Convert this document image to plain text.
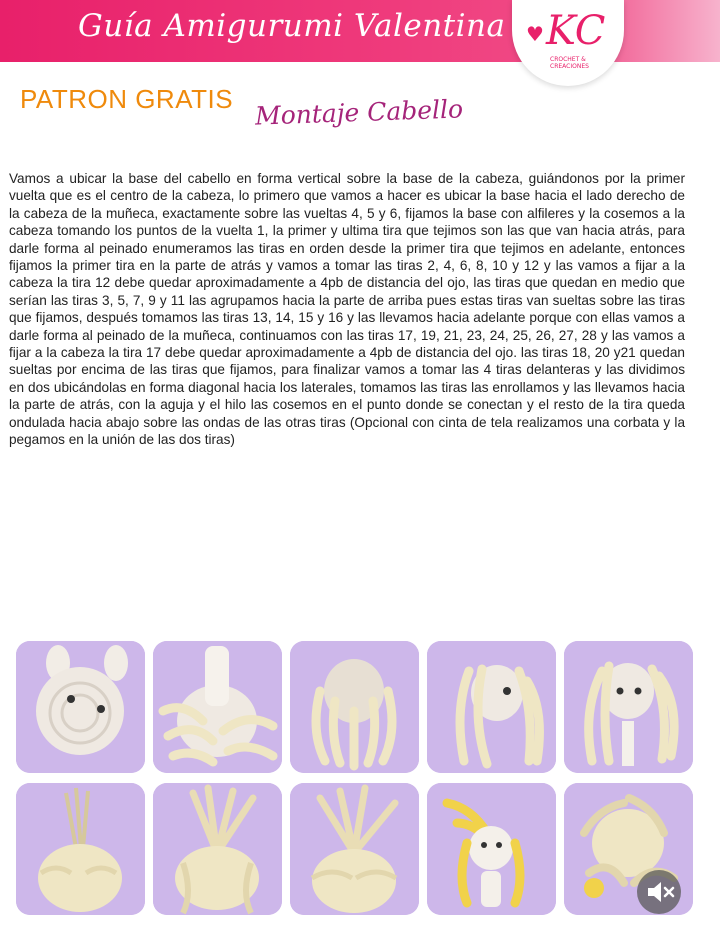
Guía Amigurumi Valentina ♥ KC
CROCHET & CREACIONES
PATRON GRATIS Montaje Cabello

Vamos a ubicar la base del cabello en forma vertical sobre la base de la cabeza, guiándonos por la primer vuelta que es el centro de la cabeza, lo primero que vamos a hacer es ubicar la base hacia el lado derecho de la cabeza de la muñeca, exactamente sobre las vueltas 4, 5 y 6, fijamos la base con alfileres y la cosemos a la cabeza tomando los puntos de la vuelta 1, la primer y ultima tira que tejimos son las que van hacia atrás, para darle forma al peinado enumeramos las tiras en orden desde la primer tira que tejimos en adelante, entonces fijamos la primer tira en la parte de atrás y vamos a tomar las tiras 2, 4, 6, 8, 10 y 12 y las vamos a fijar a la cabeza la tira 12 debe quedar aproximadamente a 4pb de distancia del ojo, las tiras que quedan en medio que serían las tiras 3, 5, 7, 9 y 11 las agrupamos hacia la parte de arriba pues estas tiras van sueltas sobre las tiras que fijamos, después tomamos las tiras 13, 14, 15 y 16 y las llevamos hacia adelante porque con ellas vamos a darle forma al peinado de la muñeca, continuamos con las tiras 17, 19, 21, 23, 24, 25, 26, 27, 28 y las vamos a fijar a la cabeza la tira 17 debe quedar aproximadamente a 4pb de distancia del ojo. las tiras 18, 20 y21 quedan sueltas por encima de las tiras que fijamos, para finalizar vamos a tomar las 4 tiras delanteras y las dividimos en dos ubicándolas en forma diagonal hacia los laterales, tomamos las tiras las enrollamos y las llevamos hacia la parte de atrás, con la aguja y el hilo las cosemos en el punto donde se conectan y el resto de la tira queda ondulada hacia abajo sobre las ondas de las otras tiras (Opcional con cinta de tela realizamos una corbata y la pegamos en la unión de las dos tiras)
